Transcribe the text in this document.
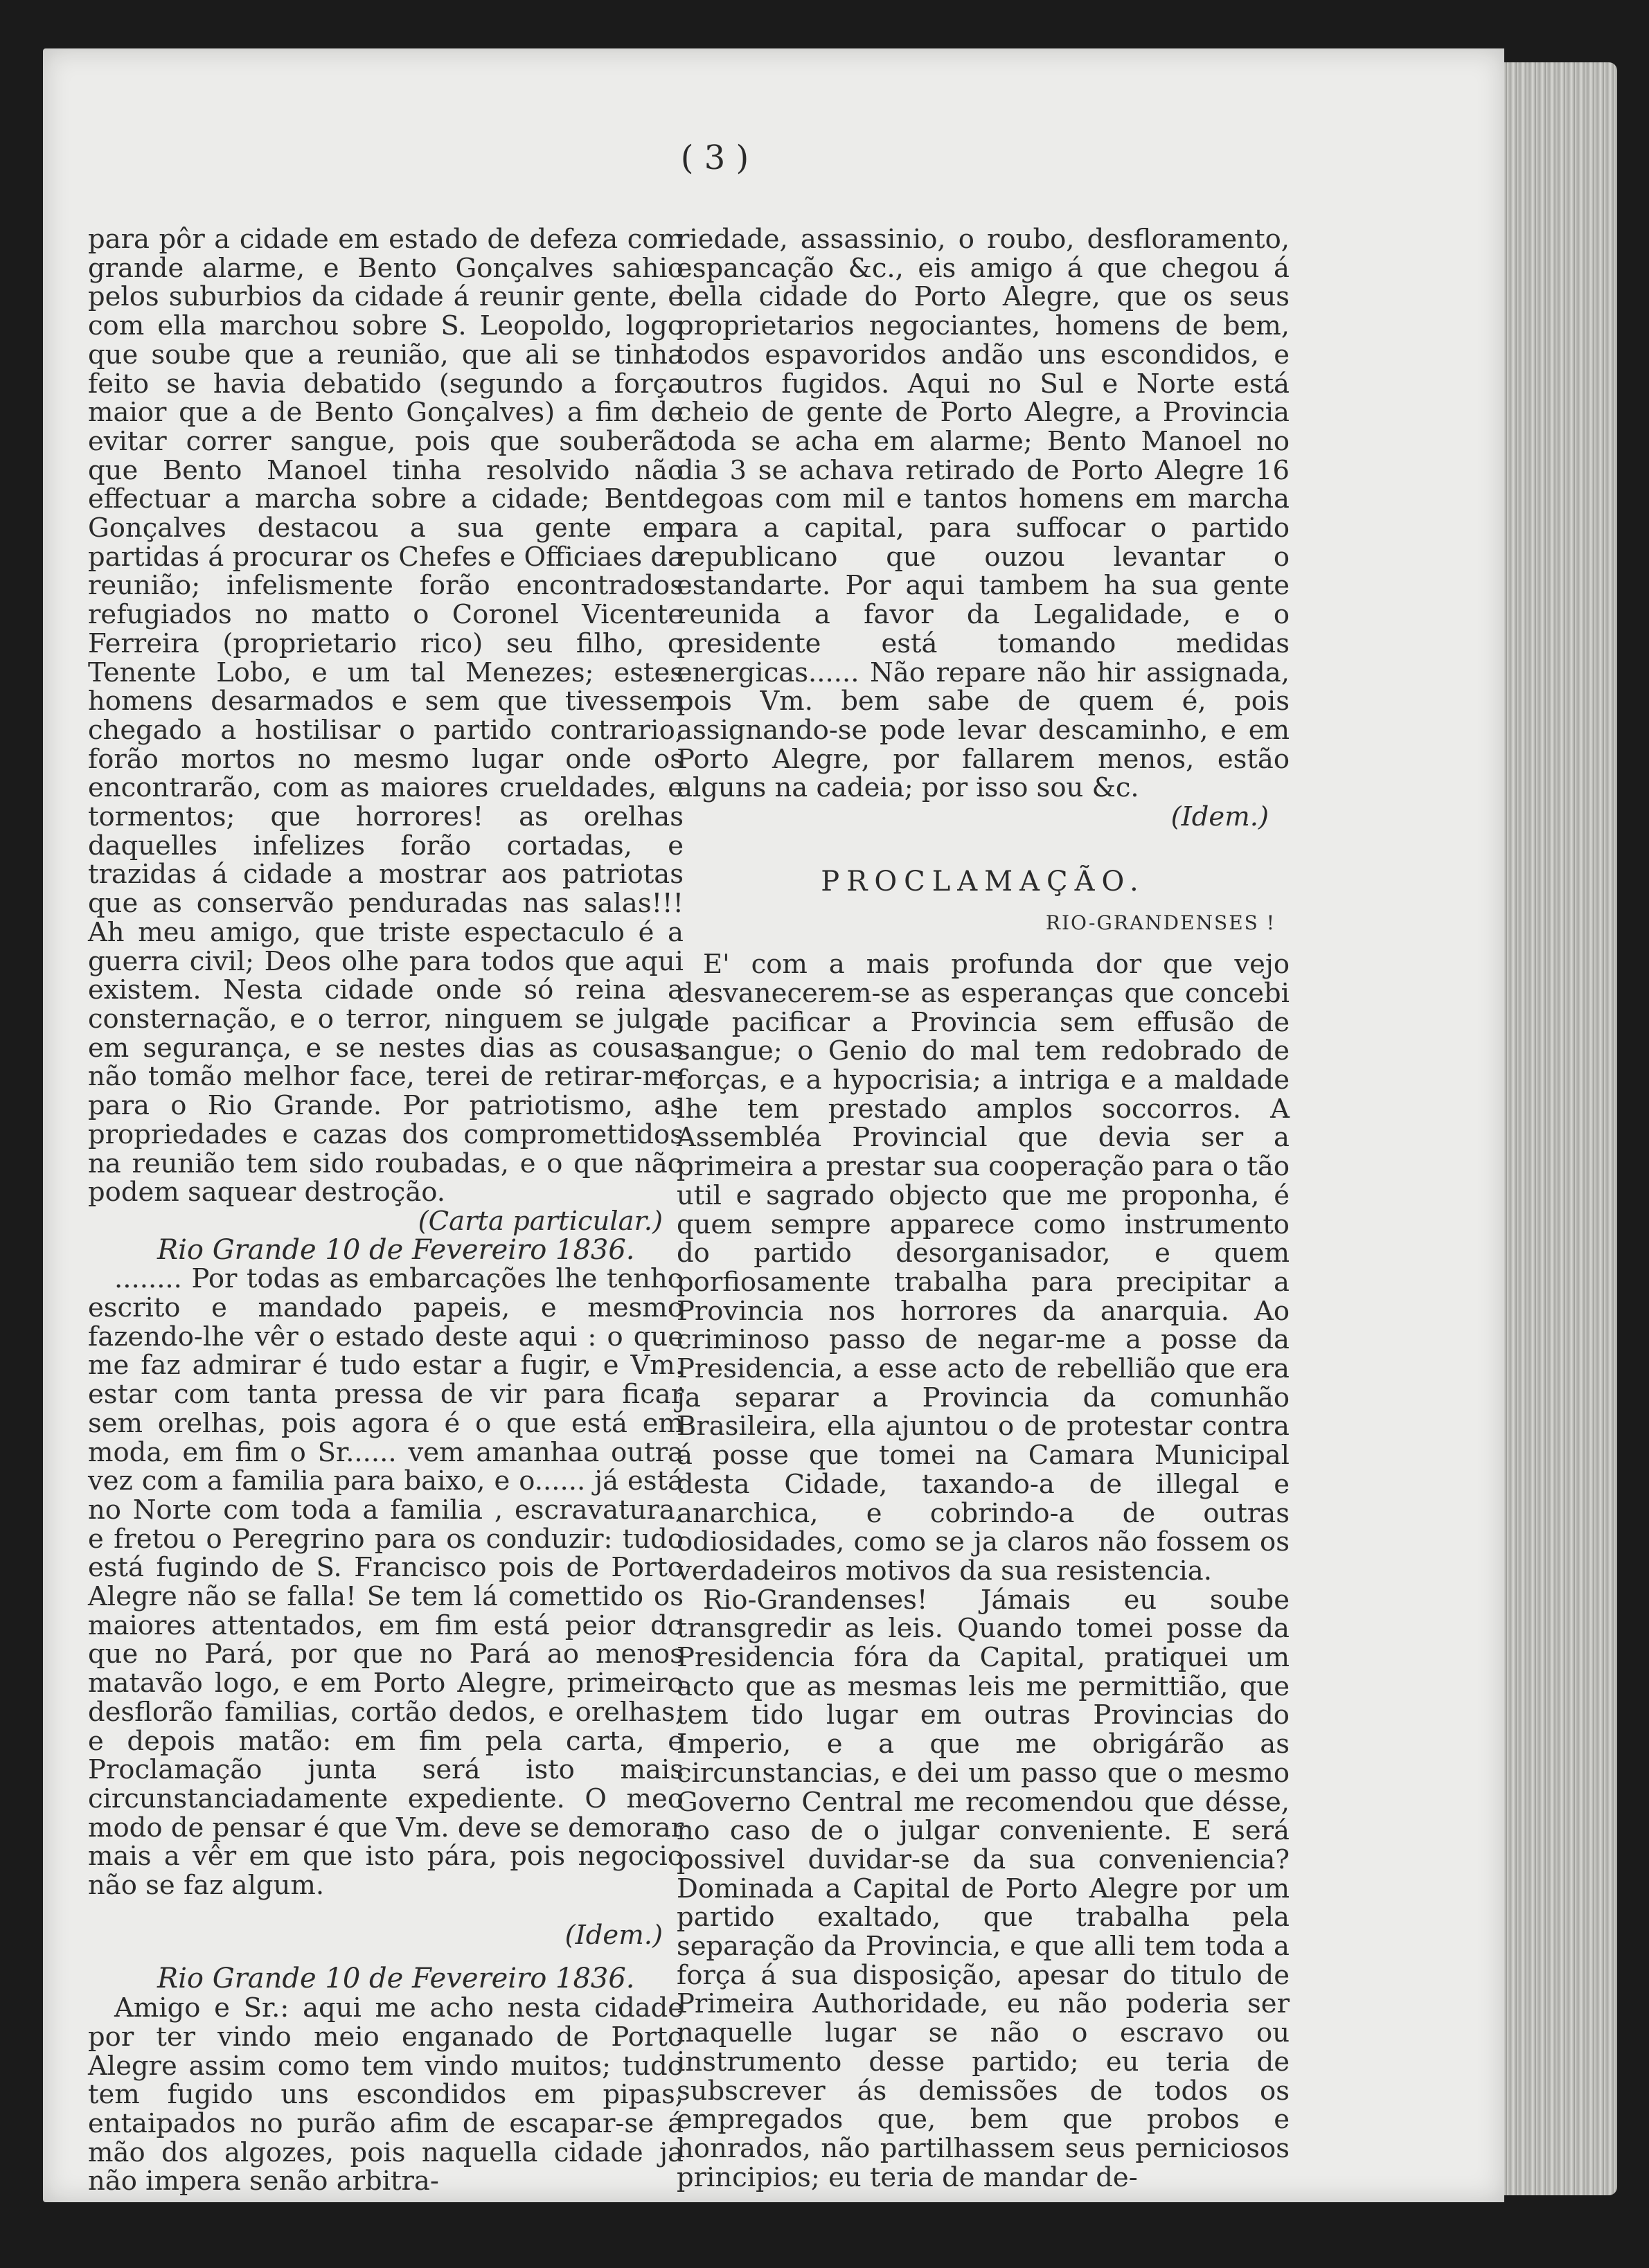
( 3 )

para pôr a cidade em estado de defeza com grande alarme, e Bento Gonçalves sahio pelos suburbios da cidade á reunir gente, e com ella marchou sobre S. Leopoldo, logo que soube que a reunião, que ali se tinha feito se havia debatido (segundo a força maior que a de Bento Gonçalves) a fim de evitar correr sangue, pois que souberão que Bento Manoel tinha resolvido não effectuar a marcha sobre a cidade; Bento Gonçalves destacou a sua gente em partidas á procurar os Chefes e Officiaes da reunião; infelismente forão encontrados refugiados no matto o Coronel Vicente Ferreira (proprietario rico) seu filho, o Tenente Lobo, e um tal Menezes; estes homens desarmados e sem que tivessem chegado a hostilisar o partido contrario, forão mortos no mesmo lugar onde os encontrarão, com as maiores crueldades, e tormentos; que horrores! as orelhas daquelles infelizes forão cortadas, e trazidas á cidade a mostrar aos patriotas que as conservão penduradas nas salas!!! Ah meu amigo, que triste espectaculo é a guerra civil; Deos olhe para todos que aqui existem. Nesta cidade onde só reina a consternação, e o terror, ninguem se julga em segurança, e se nestes dias as cousas não tomão melhor face, terei de retirar-me para o Rio Grande. Por patriotismo, as propriedades e cazas dos compromettidos na reunião tem sido roubadas, e o que não podem saquear destroção.

(Carta particular.)

Rio Grande 10 de Fevereiro 1836.

........ Por todas as embarcações lhe tenho escrito e mandado papeis, e mesmo fazendo-lhe vêr o estado deste aqui : o que me faz admirar é tudo estar a fugir, e Vm. estar com tanta pressa de vir para ficar sem orelhas, pois agora é o que está em moda, em fim o Sr...... vem amanhaa outra vez com a familia para baixo, e o...... já está no Norte com toda a familia , escravatura, e fretou o Peregrino para os conduzir: tudo está fugindo de S. Francisco pois de Porto Alegre não se falla! Se tem lá comettido os maiores attentados, em fim está peior do que no Pará, por que no Pará ao menos matavão logo, e em Porto Alegre, primeiro desflorão familias, cortão dedos, e orelhas, e depois matão: em fim pela carta, e Proclamação junta será isto mais circunstanciadamente expediente. O meo modo de pensar é que Vm. deve se demorar mais a vêr em que isto pára, pois negocio não se faz algum.

(Idem.)

Rio Grande 10 de Fevereiro 1836.

Amigo e Sr.: aqui me acho nesta cidade por ter vindo meio enganado de Porto Alegre assim como tem vindo muitos; tudo tem fugido uns escondidos em pipas, entaipados no purão afim de escapar-se á mão dos algozes, pois naquella cidade ja não impera senão arbitra-

riedade, assassinio, o roubo, desfloramento, espancação &c., eis amigo á que chegou á bella cidade do Porto Alegre, que os seus proprietarios negociantes, homens de bem, todos espavoridos andão uns escondidos, e outros fugidos. Aqui no Sul e Norte está cheio de gente de Porto Alegre, a Provincia toda se acha em alarme; Bento Manoel no dia 3 se achava retirado de Porto Alegre 16 legoas com mil e tantos homens em marcha para a capital, para suffocar o partido republicano que ouzou levantar o estandarte. Por aqui tambem ha sua gente reunida a favor da Legalidade, e o presidente está tomando medidas energicas...... Não repare não hir assignada, pois Vm. bem sabe de quem é, pois assignando-se pode levar descaminho, e em Porto Alegre, por fallarem menos, estão alguns na cadeia; por isso sou &c.

(Idem.)

PROCLAMAÇÃO.
RIO-GRANDENSES !

E' com a mais profunda dor que vejo desvanecerem-se as esperanças que concebi de pacificar a Provincia sem effusão de sangue; o Genio do mal tem redobrado de forças, e a hypocrisia; a intriga e a maldade lhe tem prestado amplos soccorros. A Assembléa Provincial que devia ser a primeira a prestar sua cooperação para o tão util e sagrado objecto que me proponha, é quem sempre apparece como instrumento do partido desorganisador, e quem porfiosamente trabalha para precipitar a Provincia nos horrores da anarquia. Ao criminoso passo de negar-me a posse da Presidencia, a esse acto de rebellião que era ja separar a Provincia da comunhão Brasileira, ella ajuntou o de protestar contra á posse que tomei na Camara Municipal desta Cidade, taxando-a de illegal e anarchica, e cobrindo-a de outras odiosidades, como se ja claros não fossem os verdadeiros motivos da sua resistencia.

Rio-Grandenses! Jámais eu soube transgredir as leis. Quando tomei posse da Presidencia fóra da Capital, pratiquei um acto que as mesmas leis me permittião, que tem tido lugar em outras Provincias do Imperio, e a que me obrigárão as circunstancias, e dei um passo que o mesmo Governo Central me recomendou que désse, no caso de o julgar conveniente. E será possivel duvidar-se da sua conveniencia? Dominada a Capital de Porto Alegre por um partido exaltado, que trabalha pela separação da Provincia, e que alli tem toda a força á sua disposição, apesar do titulo de Primeira Authoridade, eu não poderia ser naquelle lugar se não o escravo ou instrumento desse partido; eu teria de subscrever ás demissões de todos os empregados que, bem que probos e honrados, não partilhassem seus perniciosos principios; eu teria de mandar de-
